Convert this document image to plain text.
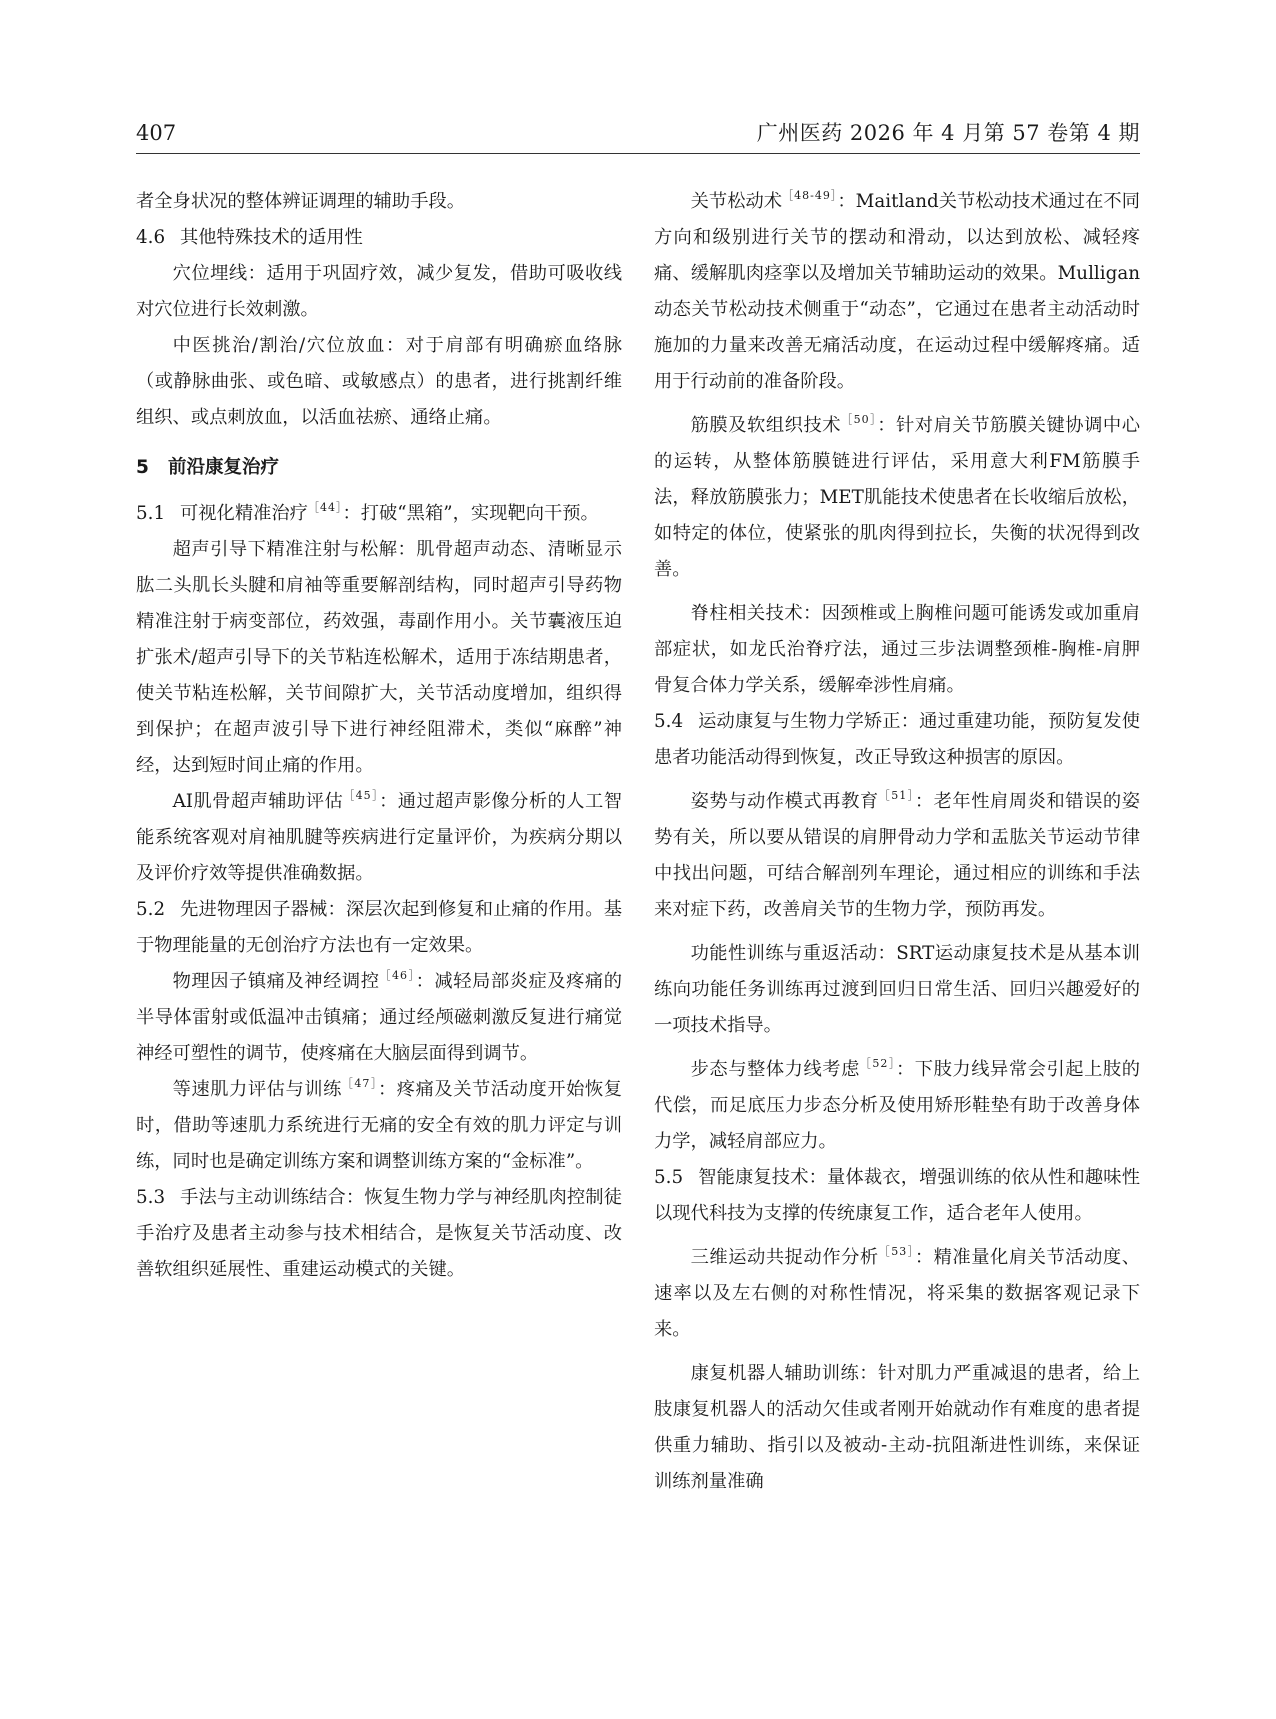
407	广州医药 2026 年 4 月第 57 卷第 4 期

者全身状况的整体辨证调理的辅助手段。

4.6 其他特殊技术的适用性

穴位埋线：适用于巩固疗效，减少复发，借助可吸收线对穴位进行长效刺激。

中医挑治/割治/穴位放血：对于肩部有明确瘀血络脉（或静脉曲张、或色暗、或敏感点）的患者，进行挑割纤维组织、或点刺放血，以活血祛瘀、通络止痛。

5 前沿康复治疗

5.1 可视化精准治疗$^{[44]}$：打破“黑箱”，实现靶向干预。

超声引导下精准注射与松解：肌骨超声动态、清晰显示肱二头肌长头腱和肩袖等重要解剖结构，同时超声引导药物精准注射于病变部位，药效强，毒副作用小。关节囊液压迫扩张术/超声引导下的关节粘连松解术，适用于冻结期患者，使关节粘连松解，关节间隙扩大，关节活动度增加，组织得到保护；在超声波引导下进行神经阻滞术，类似“麻醉”神经，达到短时间止痛的作用。

AI肌骨超声辅助评估$^{[45]}$：通过超声影像分析的人工智能系统客观对肩袖肌腱等疾病进行定量评价，为疾病分期以及评价疗效等提供准确数据。

5.2 先进物理因子器械：深层次起到修复和止痛的作用。基于物理能量的无创治疗方法也有一定效果。

物理因子镇痛及神经调控$^{[46]}$：减轻局部炎症及疼痛的半导体雷射或低温冲击镇痛；通过经颅磁刺激反复进行痛觉神经可塑性的调节，使疼痛在大脑层面得到调节。

等速肌力评估与训练$^{[47]}$：疼痛及关节活动度开始恢复时，借助等速肌力系统进行无痛的安全有效的肌力评定与训练，同时也是确定训练方案和调整训练方案的“金标准”。

5.3 手法与主动训练结合：恢复生物力学与神经肌肉控制徒手治疗及患者主动参与技术相结合，是恢复关节活动度、改善软组织延展性、重建运动模式的关键。

关节松动术$^{[48-49]}$：Maitland关节松动技术通过在不同方向和级别进行关节的摆动和滑动，以达到放松、减轻疼痛、缓解肌肉痉挛以及增加关节辅助运动的效果。Mulligan动态关节松动技术侧重于“动态”，它通过在患者主动活动时施加的力量来改善无痛活动度，在运动过程中缓解疼痛。适用于行动前的准备阶段。

筋膜及软组织技术$^{[50]}$：针对肩关节筋膜关键协调中心的运转，从整体筋膜链进行评估，采用意大利FM筋膜手法，释放筋膜张力；MET肌能技术使患者在长收缩后放松，如特定的体位，使紧张的肌肉得到拉长，失衡的状况得到改善。

脊柱相关技术：因颈椎或上胸椎问题可能诱发或加重肩部症状，如龙氏治脊疗法，通过三步法调整颈椎-胸椎-肩胛骨复合体力学关系，缓解牵涉性肩痛。

5.4 运动康复与生物力学矫正：通过重建功能，预防复发使患者功能活动得到恢复，改正导致这种损害的原因。

姿势与动作模式再教育$^{[51]}$：老年性肩周炎和错误的姿势有关，所以要从错误的肩胛骨动力学和盂肱关节运动节律中找出问题，可结合解剖列车理论，通过相应的训练和手法来对症下药，改善肩关节的生物力学，预防再发。

功能性训练与重返活动：SRT运动康复技术是从基本训练向功能任务训练再过渡到回归日常生活、回归兴趣爱好的一项技术指导。

步态与整体力线考虑$^{[52]}$：下肢力线异常会引起上肢的代偿，而足底压力步态分析及使用矫形鞋垫有助于改善身体力学，减轻肩部应力。

5.5 智能康复技术：量体裁衣，增强训练的依从性和趣味性以现代科技为支撑的传统康复工作，适合老年人使用。

三维运动共捉动作分析$^{[53]}$：精准量化肩关节活动度、速率以及左右侧的对称性情况，将采集的数据客观记录下来。

康复机器人辅助训练：针对肌力严重减退的患者，给上肢康复机器人的活动欠佳或者刚开始就动作有难度的患者提供重力辅助、指引以及被动-主动-抗阻渐进性训练，来保证训练剂量准确
